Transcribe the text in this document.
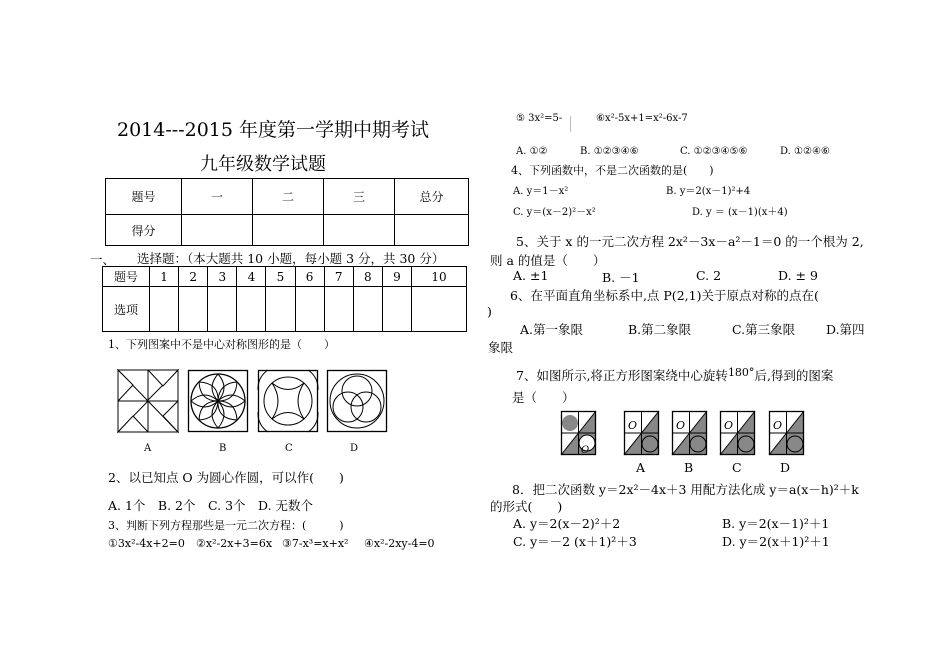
2014---2015 年度第一学期中期考试
九年级数学试题
题号	一	二	三	总分
得分				
一、 选择题：（本大题共 10 小题，每小题 3 分，共 30 分）
题号	1	2	3	4	5	6	7	8	9	10
选项										
1、下列图案中不是中心对称图形的是（　　）
A	B	C	D
2、以已知点 O 为圆心作圆，可以作(　　)
A. 1个　B. 2个　C. 3个　D. 无数个
3、判断下列方程那些是一元二次方程：(　　　)
①3x²-4x+2=0 ②x²-2x+3=6x ③7-x³=x+x² ④x²-2xy-4=0
⑤ 3x²=5-	⑥x²-5x+1=x²-6x-7
A. ①②	B. ①②③④⑥	C. ①②③④⑤⑥	D. ①②④⑥
4、下列函数中，不是二次函数的是(　　)
A. y＝1－x²	B. y＝2(x－1)²+4
C. y＝(x－2)²－x²	D. y ＝ (x－1)(x＋4)
5、关于 x 的一元二次方程 2x²－3x－a²－1＝0 的一个根为 2,
则 a 的值是（　　）
A. ±1	B. －1	C. 2	D. ± 9
6、在平面直角坐标系中,点 P(2,1)关于原点对称的点在(
)
A.第一象限	B.第二象限	C.第三象限 D.第四
象限
7、如图所示,将正方形图案绕中心旋转180°后,得到的图案
是（　　）
O
O	O	O	O
A	B	C	D
8．把二次函数 y＝2x²－4x＋3 用配方法化成 y＝a(x－h)²＋k
的形式(　　)
A. y＝2(x－2)²＋2	B. y＝2(x－1)²＋1
C. y＝－2 (x＋1)²＋3	D. y＝2(x＋1)²＋1
